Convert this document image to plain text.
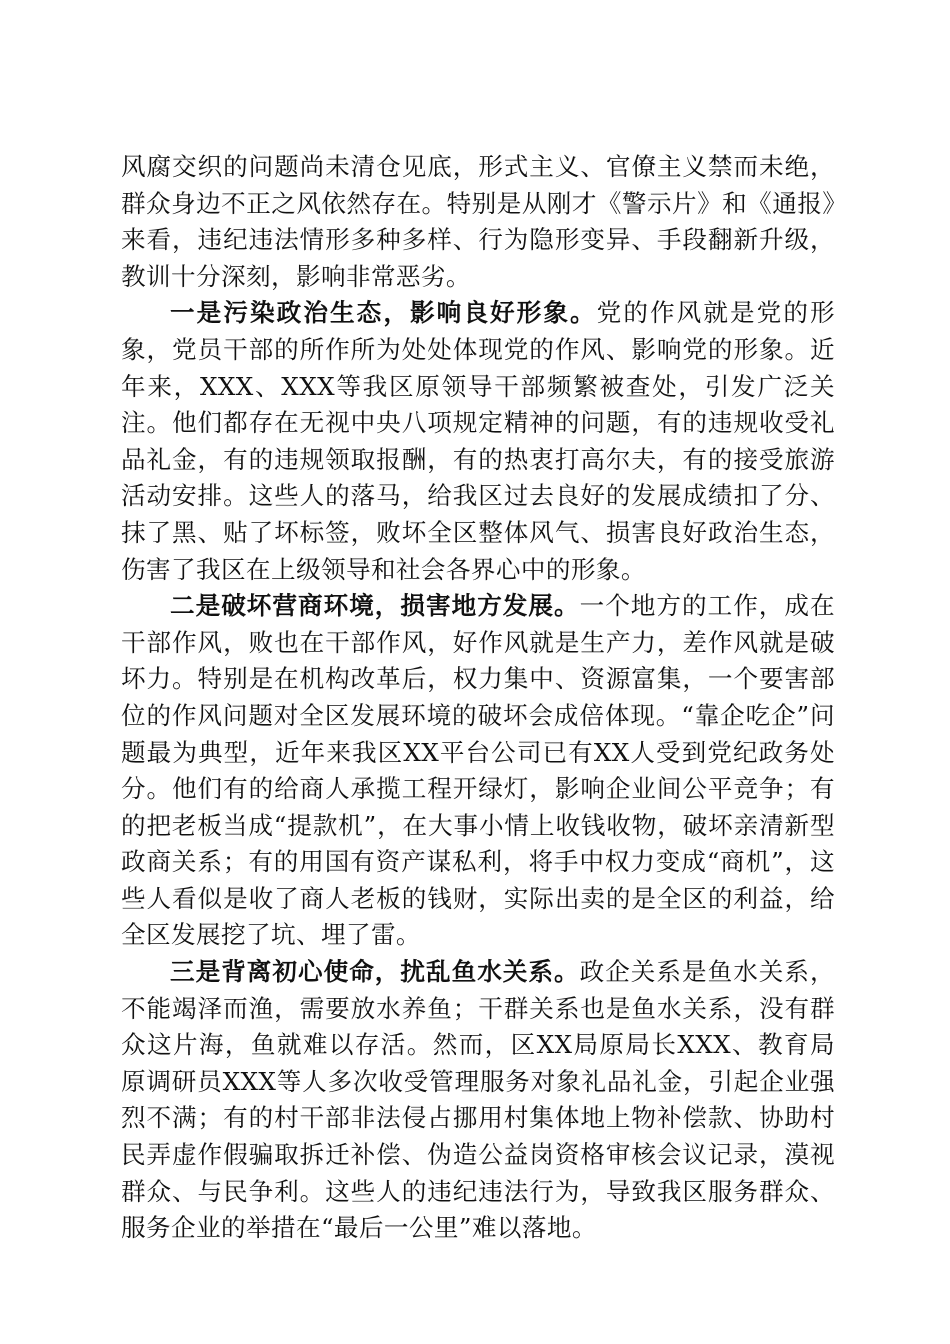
风腐交织的问题尚未清仓见底，形式主义、官僚主义禁而未绝，群众身边不正之风依然存在。特别是从刚才《警示片》和《通报》来看，违纪违法情形多种多样、行为隐形变异、手段翻新升级，教训十分深刻，影响非常恶劣。

一是污染政治生态，影响良好形象。党的作风就是党的形象，党员干部的所作所为处处体现党的作风、影响党的形象。近年来，XXX、XXX等我区原领导干部频繁被查处，引发广泛关注。他们都存在无视中央八项规定精神的问题，有的违规收受礼品礼金，有的违规领取报酬，有的热衷打高尔夫，有的接受旅游活动安排。这些人的落马，给我区过去良好的发展成绩扣了分、抹了黑、贴了坏标签，败坏全区整体风气、损害良好政治生态，伤害了我区在上级领导和社会各界心中的形象。

二是破坏营商环境，损害地方发展。一个地方的工作，成在干部作风，败也在干部作风，好作风就是生产力，差作风就是破坏力。特别是在机构改革后，权力集中、资源富集，一个要害部位的作风问题对全区发展环境的破坏会成倍体现。“靠企吃企”问题最为典型，近年来我区XX平台公司已有XX人受到党纪政务处分。他们有的给商人承揽工程开绿灯，影响企业间公平竞争；有的把老板当成“提款机”，在大事小情上收钱收物，破坏亲清新型政商关系；有的用国有资产谋私利，将手中权力变成“商机”，这些人看似是收了商人老板的钱财，实际出卖的是全区的利益，给全区发展挖了坑、埋了雷。

三是背离初心使命，扰乱鱼水关系。政企关系是鱼水关系，不能竭泽而渔，需要放水养鱼；干群关系也是鱼水关系，没有群众这片海，鱼就难以存活。然而，区XX局原局长XXX、教育局原调研员XXX等人多次收受管理服务对象礼品礼金，引起企业强烈不满；有的村干部非法侵占挪用村集体地上物补偿款、协助村民弄虚作假骗取拆迁补偿、伪造公益岗资格审核会议记录，漠视群众、与民争利。这些人的违纪违法行为，导致我区服务群众、服务企业的举措在“最后一公里”难以落地。
